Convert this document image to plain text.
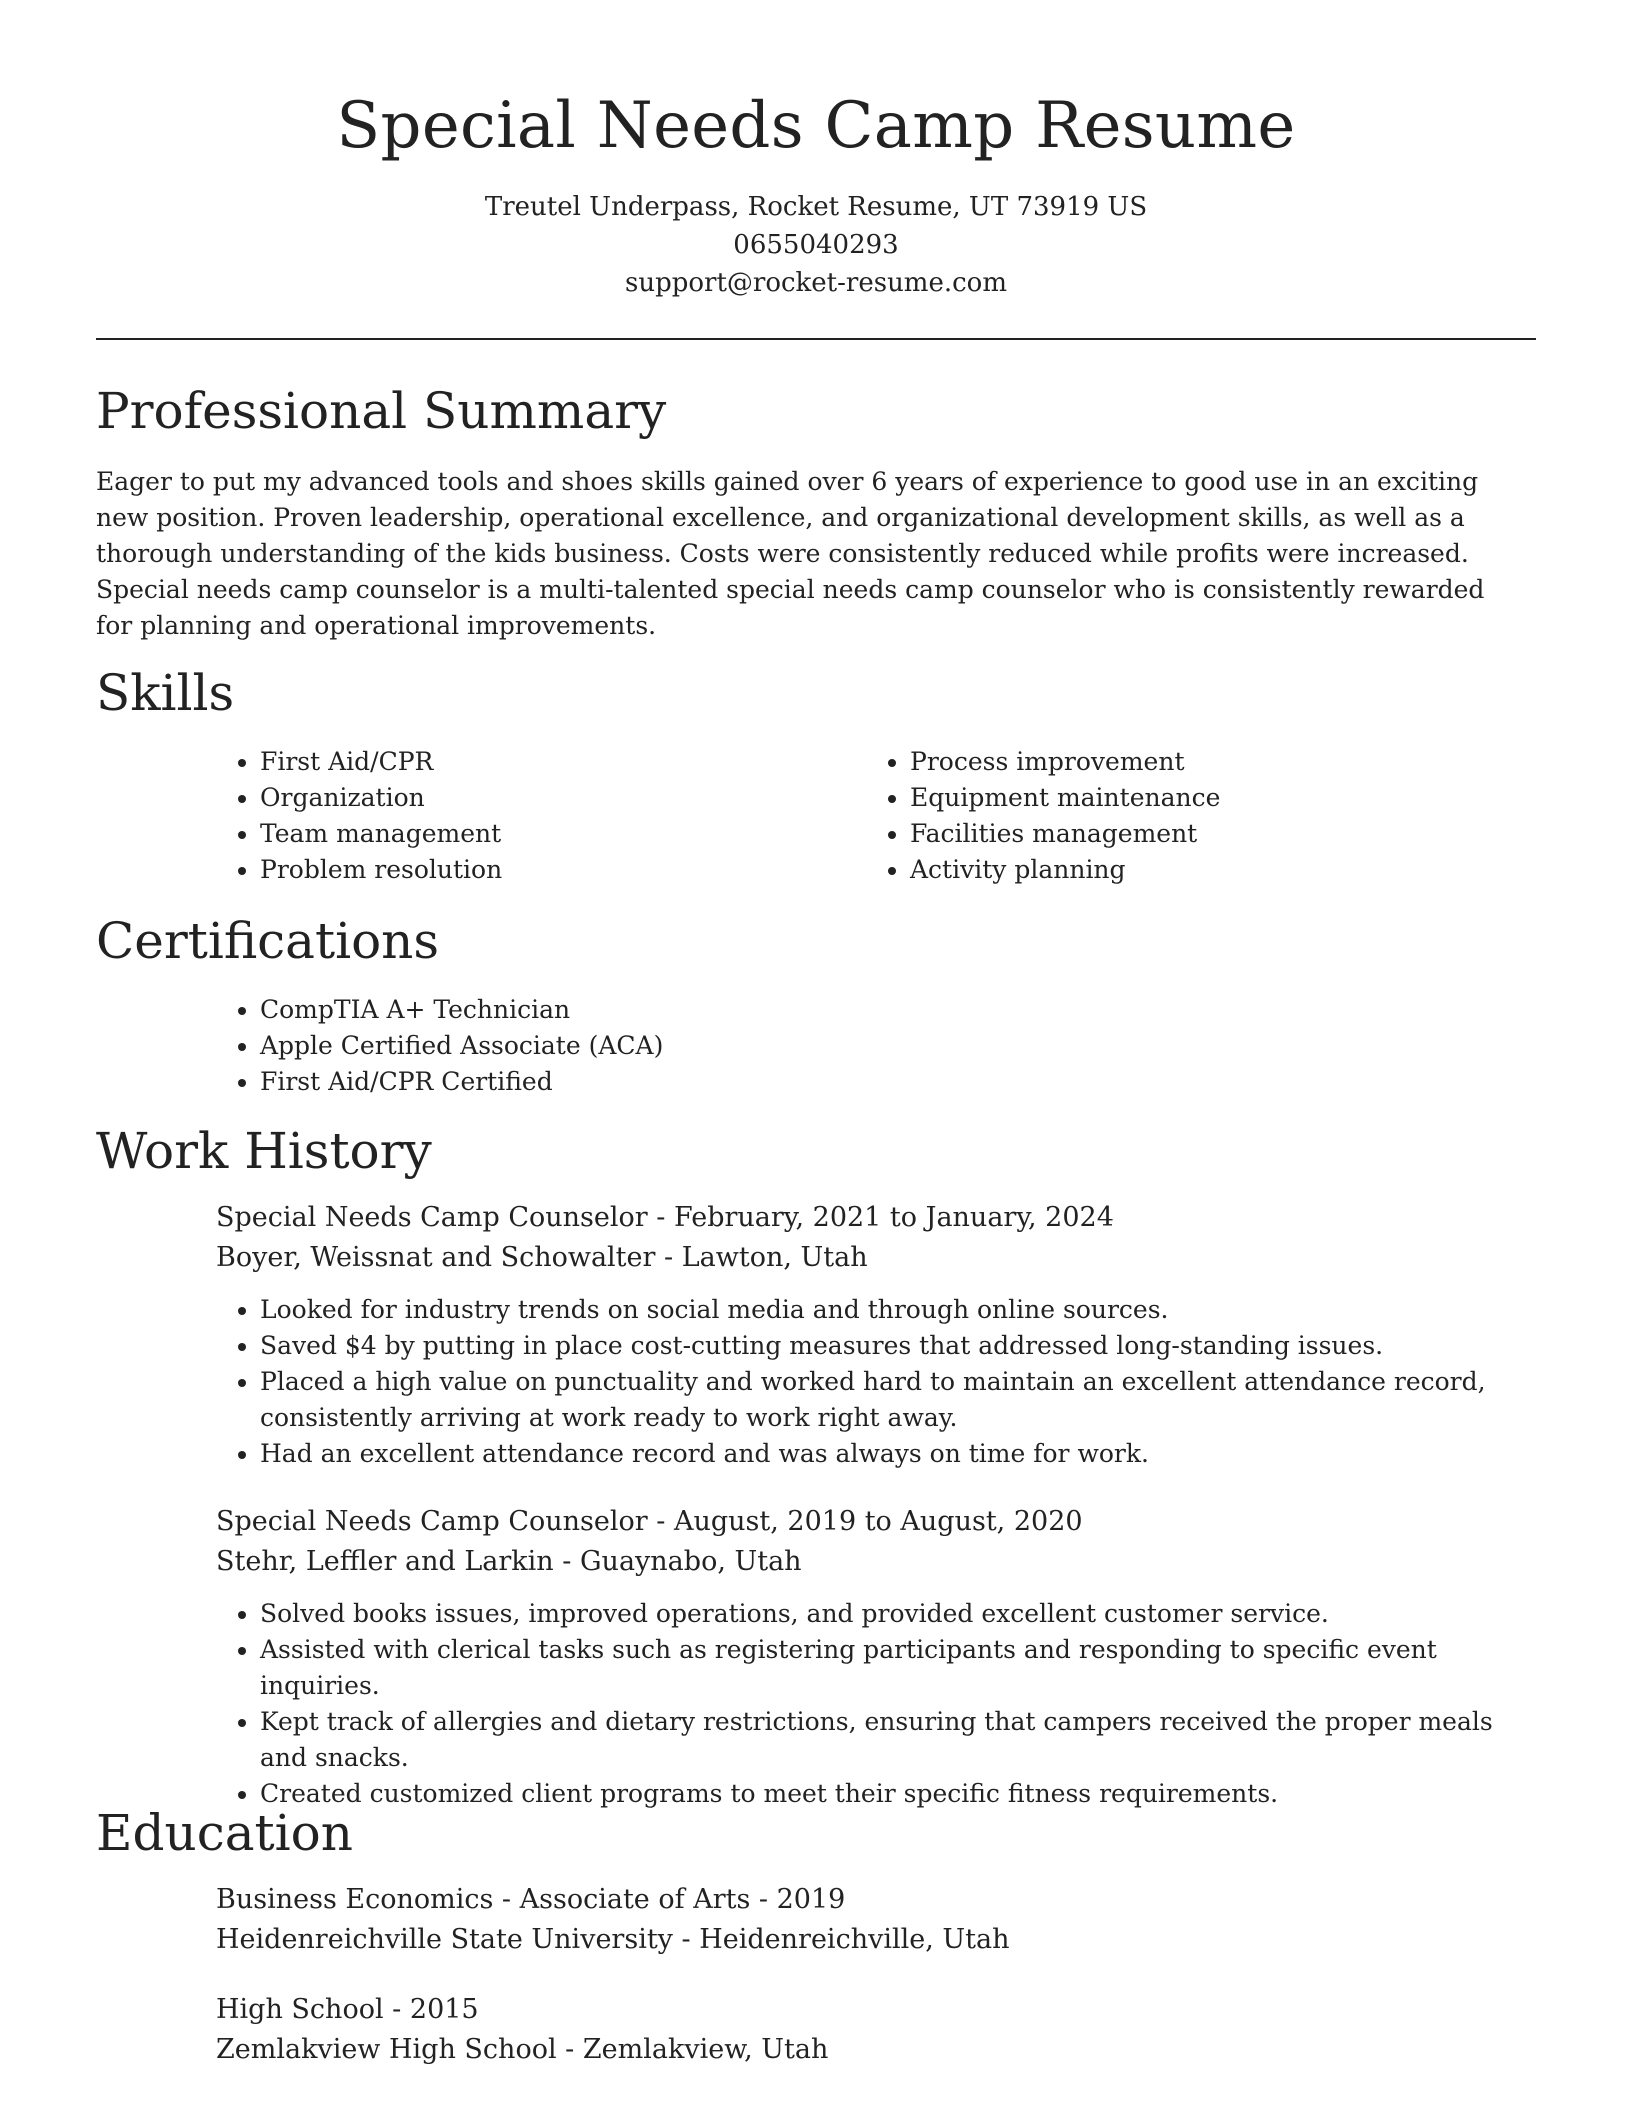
Special Needs Camp Resume
Treutel Underpass, Rocket Resume, UT 73919 US
0655040293
support@rocket-resume.com
Professional Summary

Eager to put my advanced tools and shoes skills gained over 6 years of experience to good use in an exciting new position. Proven leadership, operational excellence, and organizational development skills, as well as a thorough understanding of the kids business. Costs were consistently reduced while profits were increased. Special needs camp counselor is a multi-talented special needs camp counselor who is consistently rewarded for planning and operational improvements.

Skills
• First Aid/CPR
• Organization
• Team management
• Problem resolution
• Process improvement
• Equipment maintenance
• Facilities management
• Activity planning
Certifications
• CompTIA A+ Technician
• Apple Certified Associate (ACA)
• First Aid/CPR Certified
Work History
Special Needs Camp Counselor - February, 2021 to January, 2024
Boyer, Weissnat and Schowalter - Lawton, Utah
• Looked for industry trends on social media and through online sources.
• Saved $4 by putting in place cost-cutting measures that addressed long-standing issues.
• Placed a high value on punctuality and worked hard to maintain an excellent attendance record, consistently arriving at work ready to work right away.
• Had an excellent attendance record and was always on time for work.
Special Needs Camp Counselor - August, 2019 to August, 2020
Stehr, Leffler and Larkin - Guaynabo, Utah
• Solved books issues, improved operations, and provided excellent customer service.
• Assisted with clerical tasks such as registering participants and responding to specific event inquiries.
• Kept track of allergies and dietary restrictions, ensuring that campers received the proper meals and snacks.
• Created customized client programs to meet their specific fitness requirements.
Education
Business Economics - Associate of Arts - 2019
Heidenreichville State University - Heidenreichville, Utah
High School - 2015
Zemlakview High School - Zemlakview, Utah
